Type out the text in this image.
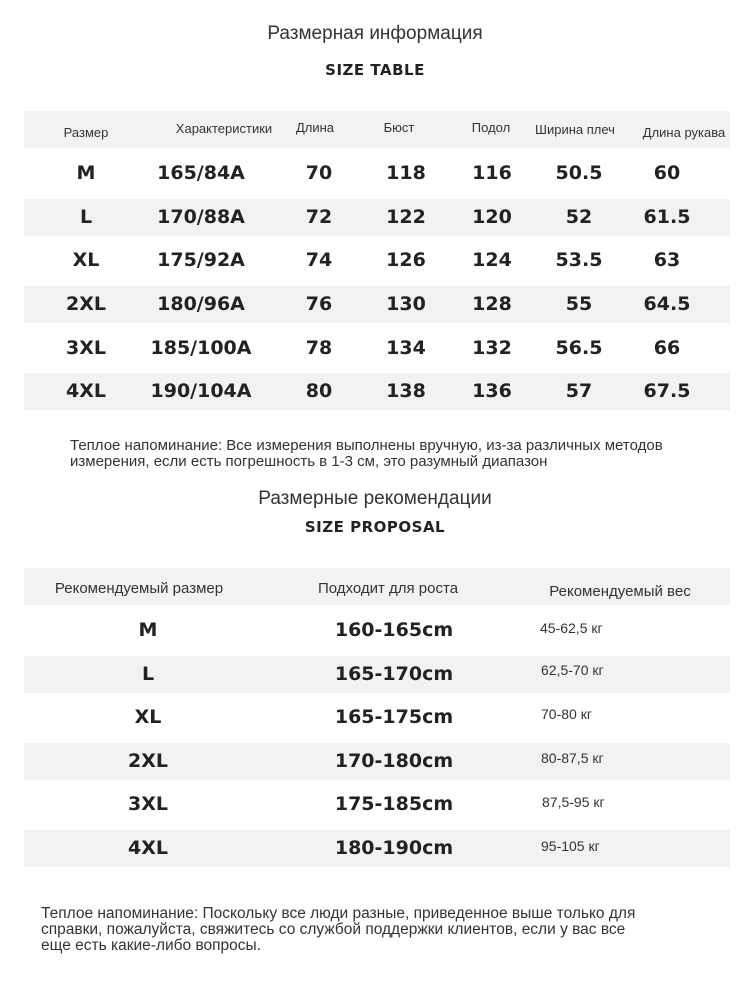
Размерная информация
SIZE TABLE
Размер	Характеристики	Длина	Бюст	Подол	Ширина плеч	Длина рукава
M	165/84A	70	118	116	50.5	60
L	170/88A	72	122	120	52	61.5
XL	175/92A	74	126	124	53.5	63
2XL	180/96A	76	130	128	55	64.5
3XL	185/100A	78	134	132	56.5	66
4XL	190/104A	80	138	136	57	67.5
Теплое напоминание: Все измерения выполнены вручную, из-за различных методов
измерения, если есть погрешность в 1-3 см, это разумный диапазон
Размерные рекомендации
SIZE PROPOSAL
Рекомендуемый размер	Подходит для роста	Рекомендуемый вес
M	160-165cm	45-62,5 кг
L	165-170cm	62,5-70 кг
XL	165-175cm	70-80 кг
2XL	170-180cm	80-87,5 кг
3XL	175-185cm	87,5-95 кг
4XL	180-190cm	95-105 кг
Теплое напоминание: Поскольку все люди разные, приведенное выше только для
справки, пожалуйста, свяжитесь со службой поддержки клиентов, если у вас все
еще есть какие-либо вопросы.
